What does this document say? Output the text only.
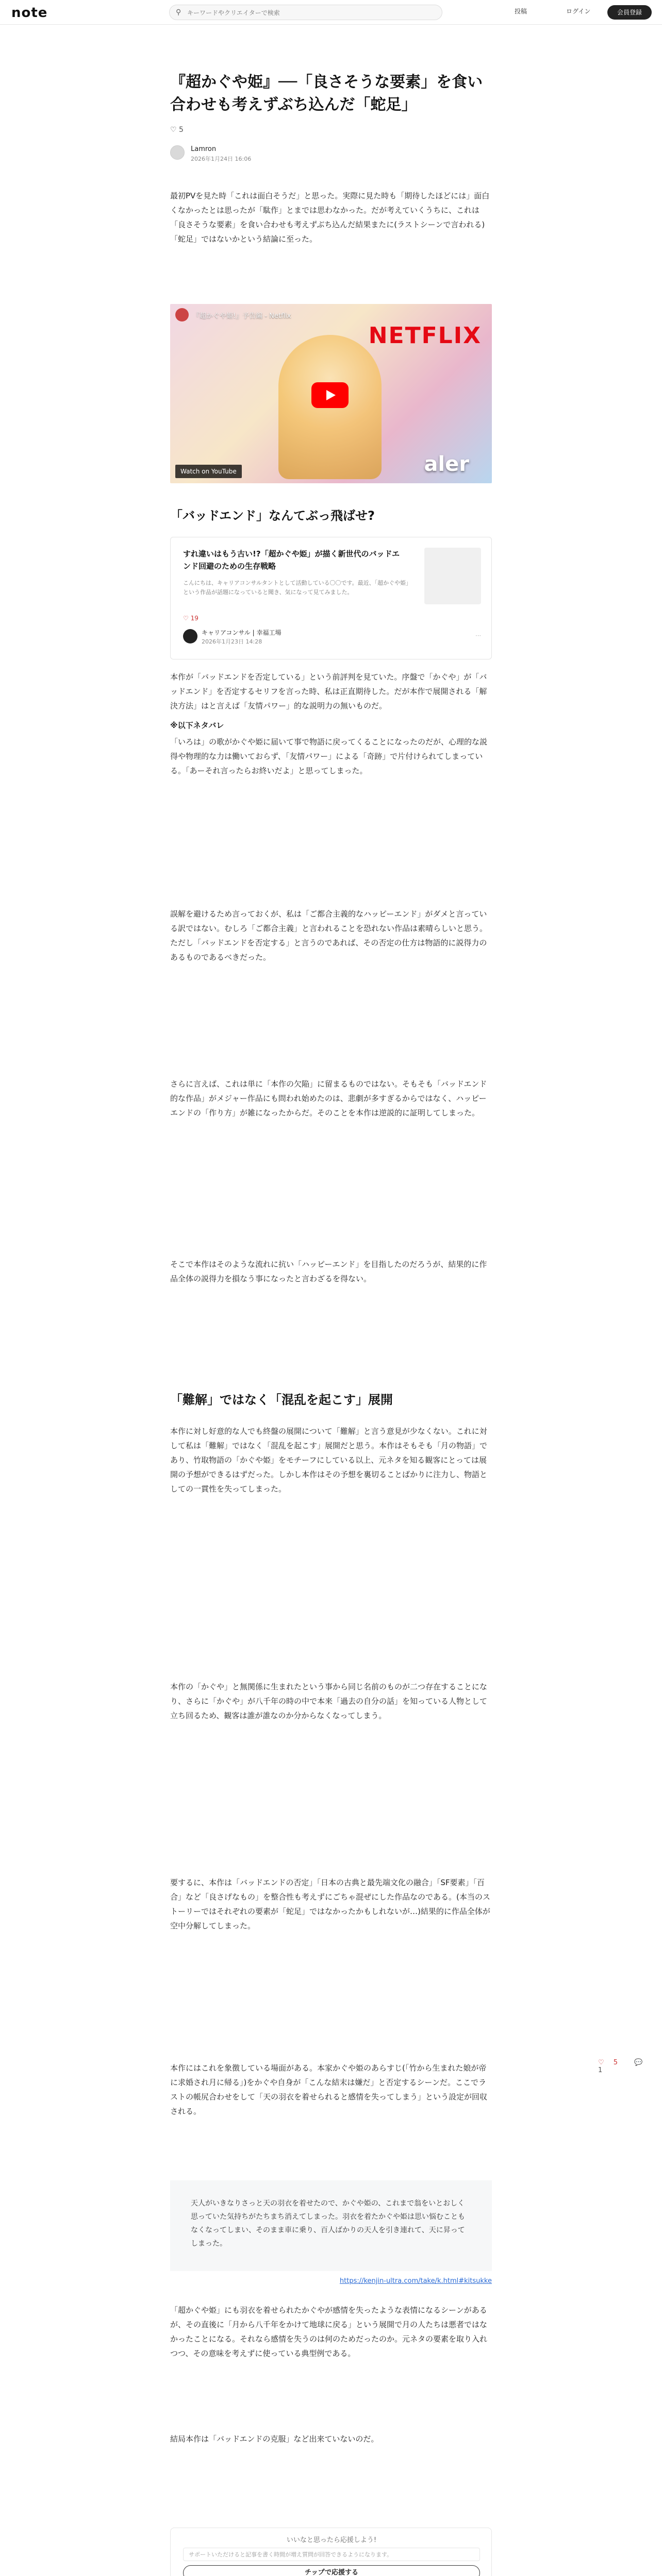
note	⚲
キーワードやクリエイターで検索	投稿	ログイン	会員登録
『超かぐや姫』──「良さそうな要素」を食い合わせも考えずぶち込んだ「蛇足」
♡ 5
Lamron
2026年1月24日 16:06
最初PVを見た時「これは面白そうだ」と思った。実際に見た時も「期待したほどには」面白くなかったとは思ったが「駄作」とまでは思わなかった。だが考えていくうちに、これは「良さそうな要素」を食い合わせも考えずぶち込んだ結果またに(ラストシーンで言われる)「蛇足」ではないかという結論に至った。
『超かぐや姫!』予告編 - Netflix
NETFLIX
Watch on YouTube	aler
「バッドエンド」なんてぶっ飛ばせ?
すれ違いはもう古い!?「超かぐや姫」が描く新世代のバッドエンド回避のための生存戦略
こんにちは、キャリアコンサルタントとして活動している〇〇です。最近、「超かぐや姫」という作品が話題になっていると聞き、気になって見てみました。
♡ 19
キャリアコンサル | 幸福工場
2026年1月23日 14:28
⋯
本作が「バッドエンドを否定している」という前評判を見ていた。序盤で「かぐや」が「バッドエンド」を否定するセリフを言った時、私は正直期待した。だが本作で展開される「解決方法」はと言えば「友情パワー」的な説明力の無いものだ。
※以下ネタバレ
「いろは」の歌がかぐや姫に届いて事で物語に戻ってくることになったのだが、心理的な説得や物理的な力は働いておらず、「友情パワー」による「奇跡」で片付けられてしまっている。「あーそれ言ったらお終いだよ」と思ってしまった。
誤解を避けるため言っておくが、私は「ご都合主義的なハッピーエンド」がダメと言っている訳ではない。むしろ「ご都合主義」と言われることを恐れない作品は素晴らしいと思う。ただし「バッドエンドを否定する」と言うのであれば、その否定の仕方は物語的に説得力のあるものであるべきだった。
さらに言えば、これは単に「本作の欠陥」に留まるものではない。そもそも「バッドエンド的な作品」がメジャー作品にも問われ始めたのは、悲劇が多すぎるからではなく、ハッピーエンドの「作り方」が雑になったからだ。そのことを本作は逆説的に証明してしまった。
そこで本作はそのような流れに抗い「ハッピーエンド」を目指したのだろうが、結果的に作品全体の説得力を損なう事になったと言わざるを得ない。
「難解」ではなく「混乱を起こす」展開
本作に対し好意的な人でも終盤の展開について「難解」と言う意見が少なくない。これに対して私は「難解」ではなく「混乱を起こす」展開だと思う。本作はそもそも「月の物語」であり、竹取物語の「かぐや姫」をモチーフにしている以上、元ネタを知る観客にとっては展開の予想ができるはずだった。しかし本作はその予想を裏切ることばかりに注力し、物語としての一貫性を失ってしまった。
本作の「かぐや」と無関係に生まれたという事から同じ名前のものが二つ存在することになり、さらに「かぐや」が八千年の時の中で本来「過去の自分の話」を知っている人物として立ち回るため、観客は誰が誰なのか分からなくなってしまう。
要するに、本作は「バッドエンドの否定」「日本の古典と最先端文化の融合」「SF要素」「百合」など「良さげなもの」を整合性も考えずにごちゃ混ぜにした作品なのである。(本当のストーリーではそれぞれの要素が「蛇足」ではなかったかもしれないが…)結果的に作品全体が空中分解してしまった。
本作にはこれを象徴している場面がある。本家かぐや姫のあらすじ(「竹から生まれた娘が帝に求婚され月に帰る」)をかぐや自身が「こんな結末は嫌だ」と否定するシーンだ。ここでラストの帳尻合わせをして「天の羽衣を着せられると感情を失ってしまう」という設定が回収される。
天人がいきなりさっと天の羽衣を着せたので、かぐや姫の、これまで翁をいとおしく思っていた気持ちがたちまち消えてしまった。羽衣を着たかぐや姫は思い悩むこともなくなってしまい、そのまま車に乗り、百人ばかりの天人を引き連れて、天に昇ってしまった。
https://kenjin-ultra.com/take/k.html#kitsukke
「超かぐや姫」にも羽衣を着せられたかぐやが感情を失ったような表情になるシーンがあるが、その直後に「月から八千年をかけて地球に戻る」という展開で月の人たちは悪者ではなかったことになる。それなら感情を失うのは何のためだったのか。元ネタの要素を取り入れつつ、その意味を考えずに使っている典型例である。
結局本作は「バッドエンドの克服」など出来ていないのだ。
いいなと思ったら応援しよう!
サポートいただけると記事を書く時間が増え質問が回答できるようになります。
チップで応援する

♡ 5 💬 1
